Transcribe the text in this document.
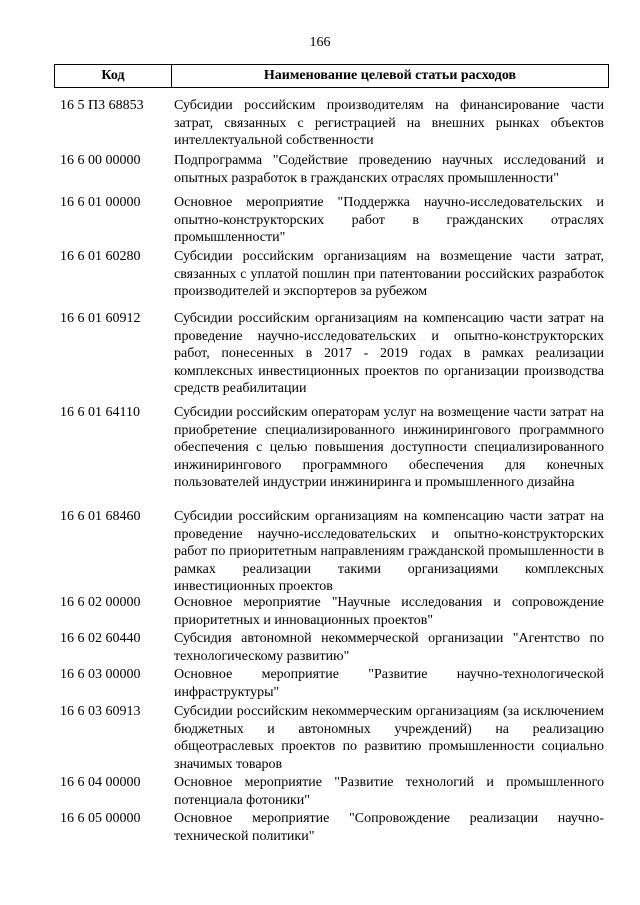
166
Код	Наименование целевой статьи расходов
16 5 П3 68853	Субсидии российским производителям на финансирование части затрат, связанных с регистрацией на внешних рынках объектов интеллектуальной собственности
16 6 00 00000	Подпрограмма "Содействие проведению научных исследований и опытных разработок в гражданских отраслях промышленности"
16 6 01 00000	Основное мероприятие "Поддержка научно-исследовательских и опытно-конструкторских работ в гражданских отраслях промышленности"
16 6 01 60280	Субсидии российским организациям на возмещение части затрат, связанных с уплатой пошлин при патентовании российских разработок производителей и экспортеров за рубежом
16 6 01 60912	Субсидии российским организациям на компенсацию части затрат на проведение научно-исследовательских и опытно-конструкторских работ, понесенных в 2017 - 2019 годах в рамках реализации комплексных инвестиционных проектов по организации производства средств реабилитации
16 6 01 64110	Субсидии российским операторам услуг на возмещение части затрат на приобретение специализированного инжинирингового программного обеспечения с целью повышения доступности специализированного инжинирингового программного обеспечения для конечных пользователей индустрии инжиниринга и промышленного дизайна
16 6 01 68460	Субсидии российским организациям на компенсацию части затрат на проведение научно-исследовательских и опытно-конструкторских работ по приоритетным направлениям гражданской промышленности в рамках реализации такими организациями комплексных инвестиционных проектов
16 6 02 00000	Основное мероприятие "Научные исследования и сопровождение приоритетных и инновационных проектов"
16 6 02 60440	Субсидия автономной некоммерческой организации "Агентство по технологическому развитию"
16 6 03 00000	Основное мероприятие "Развитие научно-технологической инфраструктуры"
16 6 03 60913	Субсидии российским некоммерческим организациям (за исключением бюджетных и автономных учреждений) на реализацию общеотраслевых проектов по развитию промышленности социально значимых товаров
16 6 04 00000	Основное мероприятие "Развитие технологий и промышленного потенциала фотоники"
16 6 05 00000	Основное мероприятие "Сопровождение реализации научно-технической политики"
